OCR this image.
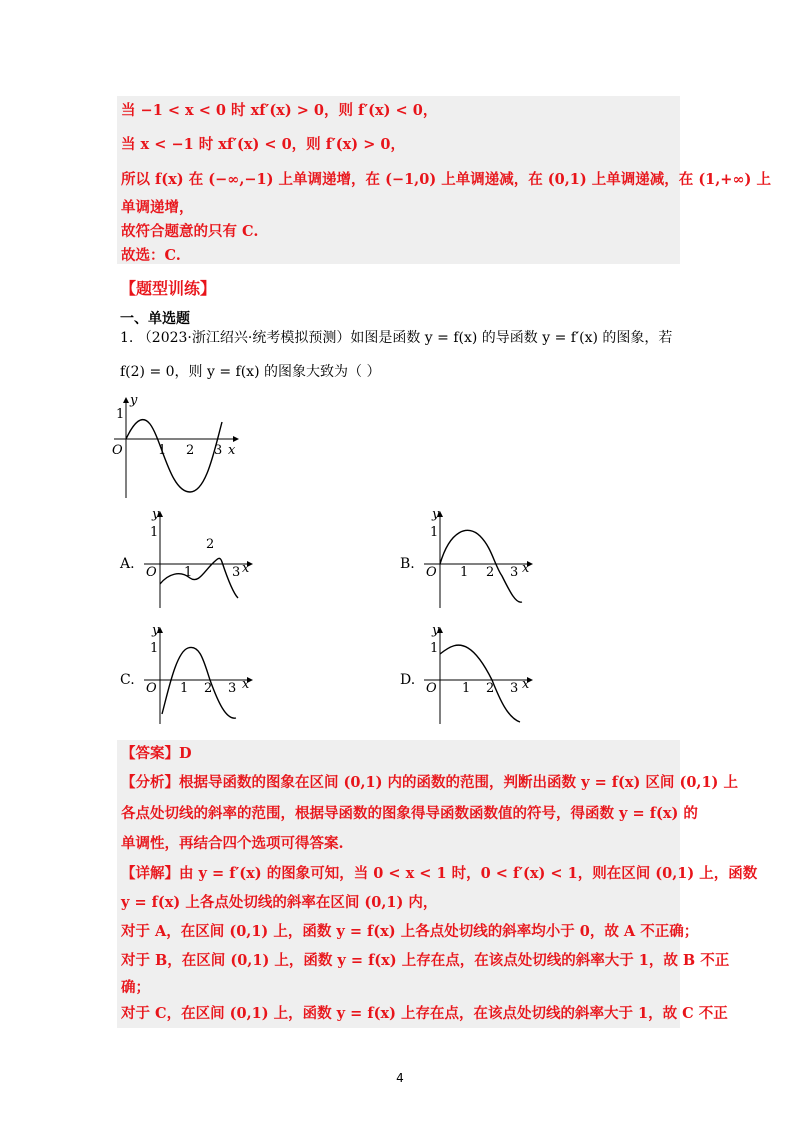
当 −1 < x < 0 时 xf′(x) > 0，则 f′(x) < 0，
当 x < −1 时 xf′(x) < 0，则 f′(x) > 0，
所以 f(x) 在 (−∞,−1) 上单调递增，在 (−1,0) 上单调递减，在 (0,1) 上单调递减，在 (1,+∞) 上
单调递增，
故符合题意的只有 C.
故选：C.
【题型训练】
一、单选题
1. （2023·浙江绍兴·统考模拟预测）如图是函数 y = f(x) 的导函数 y = f′(x) 的图象，若
f(2) = 0，则 y = f(x) 的图象大致为（ ）
y
1
O	1 2 3 x
A.
y
1
O 1
2
3 x	B.
y
1
O 1 2 3 x
C.
y
1
O 1 2 3 x	D.
y
1
O 1 2 3 x
【答案】D
【分析】根据导函数的图象在区间 (0,1) 内的函数的范围，判断出函数 y = f(x) 区间 (0,1) 上
各点处切线的斜率的范围，根据导函数的图象得导函数函数值的符号，得函数 y = f(x) 的
单调性，再结合四个选项可得答案.
【详解】由 y = f′(x) 的图象可知，当 0 < x < 1 时，0 < f′(x) < 1，则在区间 (0,1) 上，函数
y = f(x) 上各点处切线的斜率在区间 (0,1) 内，
对于 A，在区间 (0,1) 上，函数 y = f(x) 上各点处切线的斜率均小于 0，故 A 不正确；
对于 B，在区间 (0,1) 上，函数 y = f(x) 上存在点，在该点处切线的斜率大于 1，故 B 不正
确；
对于 C，在区间 (0,1) 上，函数 y = f(x) 上存在点，在该点处切线的斜率大于 1，故 C 不正
4
